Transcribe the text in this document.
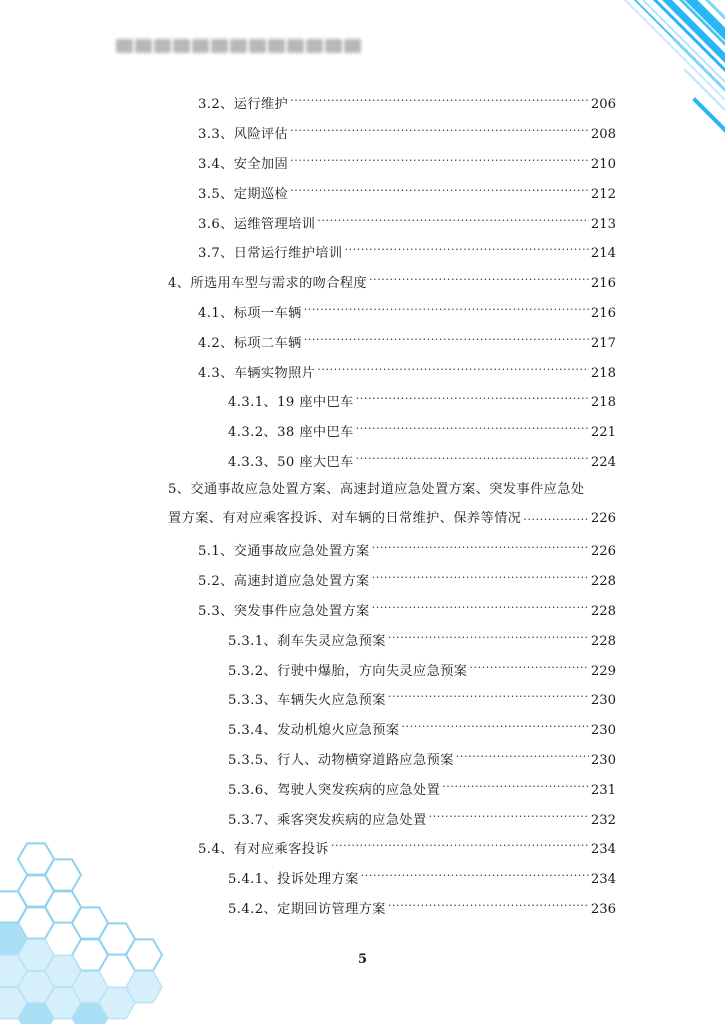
3.2、运行维护 .....	206
3.3、风险评估 .....	208
3.4、安全加固 .....	210
3.5、定期巡检 .....	212
3.6、运维管理培训 .....	213
3.7、日常运行维护培训 .....	214
4、所选用车型与需求的吻合程度 .....	216
4.1、标项一车辆 .....	216
4.2、标项二车辆 .....	217
4.3、车辆实物照片 .....	218
4.3.1、19 座中巴车 .....	218
4.3.2、38 座中巴车 .....	221
4.3.3、50 座大巴车 .....	224
5、交通事故应急处置方案、高速封道应急处置方案、突发事件应急处
置方案、有对应乘客投诉、对车辆的日常维护、保养等情况 .....	226
5.1、交通事故应急处置方案 .....	226
5.2、高速封道应急处置方案 .....	228
5.3、突发事件应急处置方案 .....	228
5.3.1、刹车失灵应急预案 .....	228
5.3.2、行驶中爆胎，方向失灵应急预案 .....	229
5.3.3、车辆失火应急预案 .....	230
5.3.4、发动机熄火应急预案 .....	230
5.3.5、行人、动物横穿道路应急预案 .....	230
5.3.6、驾驶人突发疾病的应急处置 .....	231
5.3.7、乘客突发疾病的应急处置 .....	232
5.4、有对应乘客投诉 .....	234
5.4.1、投诉处理方案 .....	234
5.4.2、定期回访管理方案 .....	236
5
